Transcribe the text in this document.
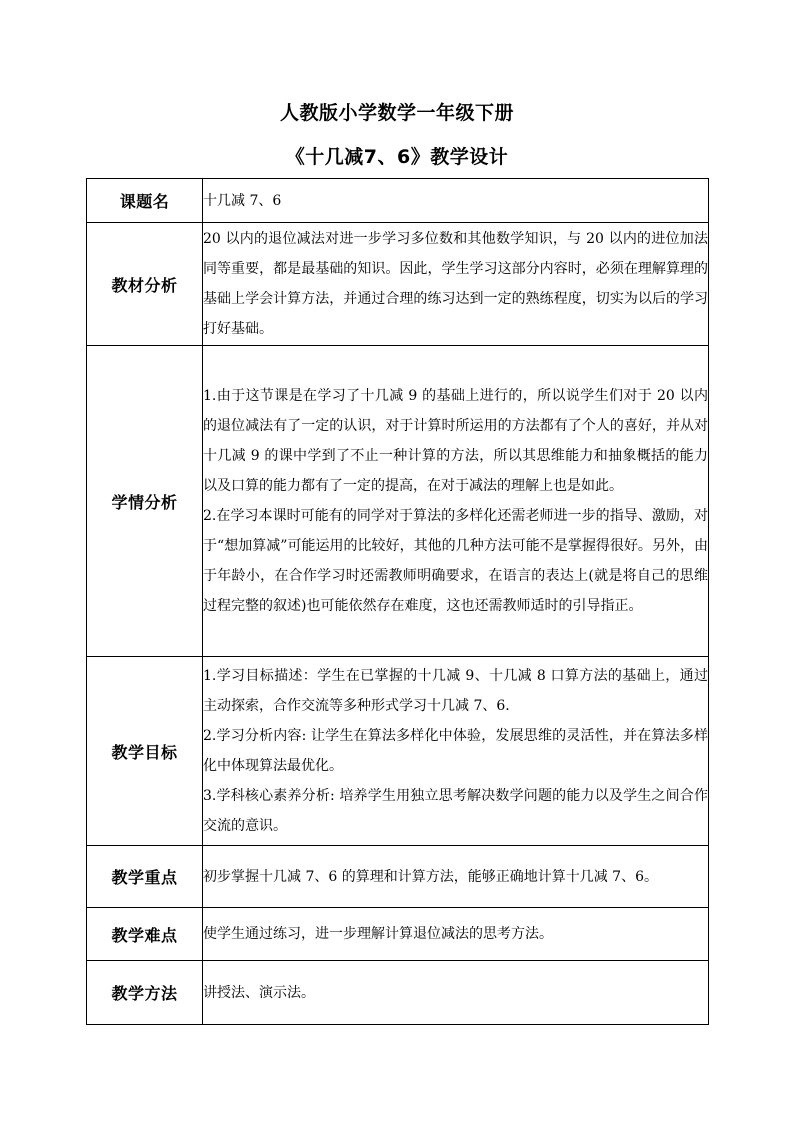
人教版小学数学一年级下册
《十几减7、6》教学设计
课题名	十几减 7、6

教材分析	20 以内的退位减法对进一步学习多位数和其他数学知识，与 20 以内的进位加法同等重要，都是最基础的知识。因此，学生学习这部分内容时，必须在理解算理的基础上学会计算方法，并通过合理的练习达到一定的熟练程度，切实为以后的学习打好基础。

学情分析	1.由于这节课是在学习了十几减 9 的基础上进行的，所以说学生们对于 20 以内的退位减法有了一定的认识，对于计算时所运用的方法都有了个人的喜好，并从对十几减 9 的课中学到了不止一种计算的方法，所以其思维能力和抽象概括的能力以及口算的能力都有了一定的提高，在对于减法的理解上也是如此。

2.在学习本课时可能有的同学对于算法的多样化还需老师进一步的指导、激励，对于“想加算减”可能运用的比较好，其他的几种方法可能不是掌握得很好。另外，由于年龄小，在合作学习时还需教师明确要求，在语言的表达上(就是将自己的思维过程完整的叙述)也可能依然存在难度，这也还需教师适时的引导指正。

教学目标	1.学习目标描述：学生在已掌握的十几减 9、十几减 8 口算方法的基础上，通过主动探索，合作交流等多种形式学习十几减 7、6.

2.学习分析内容: 让学生在算法多样化中体验，发展思维的灵活性，并在算法多样化中体现算法最优化。

3.学科核心素养分析: 培养学生用独立思考解决数学问题的能力以及学生之间合作交流的意识。

教学重点	初步掌握十几减 7、6 的算理和计算方法，能够正确地计算十几减 7、6。

教学难点	使学生通过练习，进一步理解计算退位减法的思考方法。

教学方法	讲授法、演示法。
